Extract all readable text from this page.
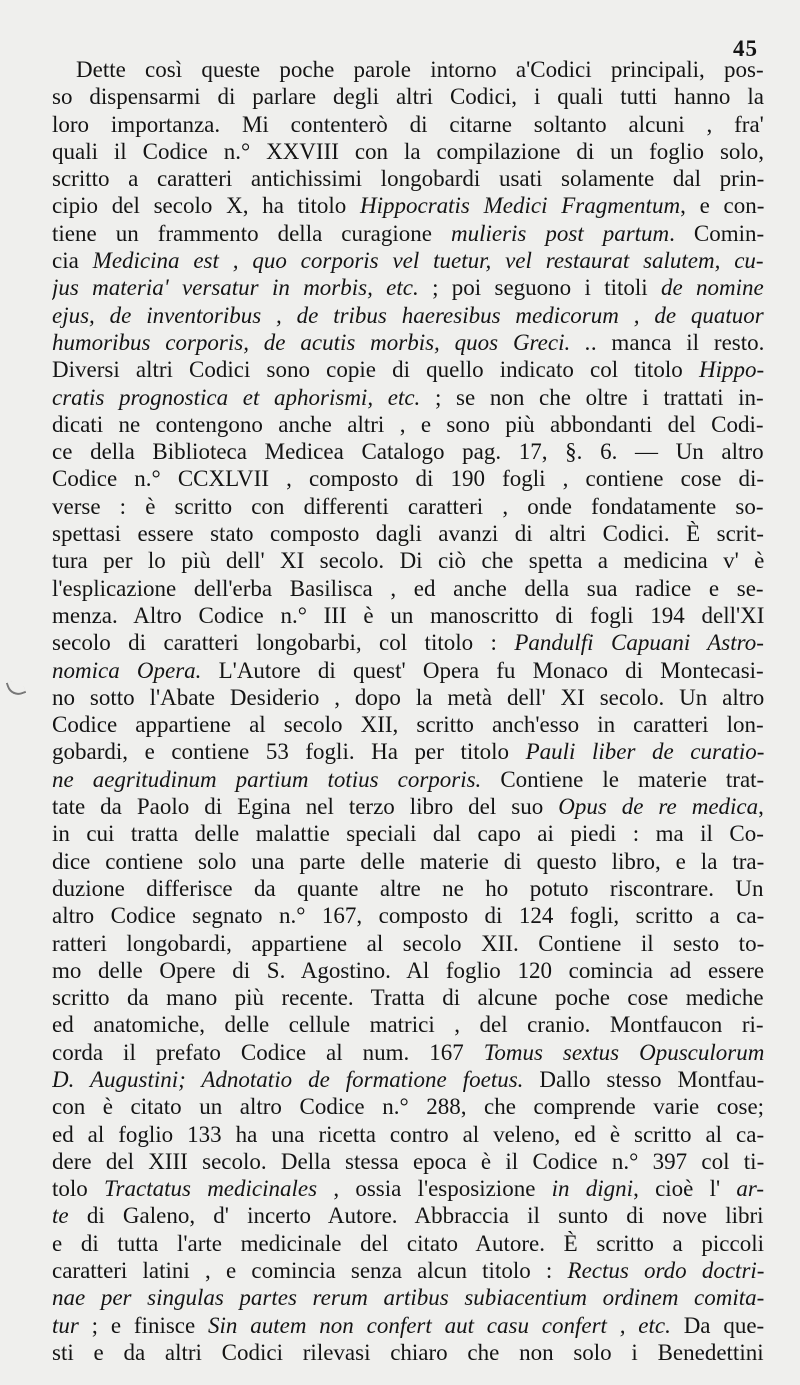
45
Dette così queste poche parole intorno a'Codici principali, pos-
so dispensarmi di parlare degli altri Codici, i quali tutti hanno la
loro importanza. Mi contenterò di citarne soltanto alcuni , fra'
quali il Codice n.° XXVIII con la compilazione di un foglio solo,
scritto a caratteri antichissimi longobardi usati solamente dal prin-
cipio del secolo X, ha titolo Hippocratis Medici Fragmentum, e con-
tiene un frammento della curagione mulieris post partum. Comin-
cia Medicina est , quo corporis vel tuetur, vel restaurat salutem, cu-
jus materia' versatur in morbis, etc. ; poi seguono i titoli de nomine
ejus, de inventoribus , de tribus haeresibus medicorum , de quatuor
humoribus corporis, de acutis morbis, quos Greci. .. manca il resto.
Diversi altri Codici sono copie di quello indicato col titolo Hippo-
cratis prognostica et aphorismi, etc. ; se non che oltre i trattati in-
dicati ne contengono anche altri , e sono più abbondanti del Codi-
ce della Biblioteca Medicea Catalogo pag. 17, §. 6. — Un altro
Codice n.° CCXLVII , composto di 190 fogli , contiene cose di-
verse : è scritto con differenti caratteri , onde fondatamente so-
spettasi essere stato composto dagli avanzi di altri Codici. È scrit-
tura per lo più dell' XI secolo. Di ciò che spetta a medicina v' è
l'esplicazione dell'erba Basilisca , ed anche della sua radice e se-
menza. Altro Codice n.° III è un manoscritto di fogli 194 dell'XI
secolo di caratteri longobarbi, col titolo : Pandulfi Capuani Astro-
nomica Opera. L'Autore di quest' Opera fu Monaco di Montecasi-
no sotto l'Abate Desiderio , dopo la metà dell' XI secolo. Un altro
Codice appartiene al secolo XII, scritto anch'esso in caratteri lon-
gobardi, e contiene 53 fogli. Ha per titolo Pauli liber de curatio-
ne aegritudinum partium totius corporis. Contiene le materie trat-
tate da Paolo di Egina nel terzo libro del suo Opus de re medica,
in cui tratta delle malattie speciali dal capo ai piedi : ma il Co-
dice contiene solo una parte delle materie di questo libro, e la tra-
duzione differisce da quante altre ne ho potuto riscontrare. Un
altro Codice segnato n.° 167, composto di 124 fogli, scritto a ca-
ratteri longobardi, appartiene al secolo XII. Contiene il sesto to-
mo delle Opere di S. Agostino. Al foglio 120 comincia ad essere
scritto da mano più recente. Tratta di alcune poche cose mediche
ed anatomiche, delle cellule matrici , del cranio. Montfaucon ri-
corda il prefato Codice al num. 167 Tomus sextus Opusculorum
D. Augustini; Adnotatio de formatione foetus. Dallo stesso Montfau-
con è citato un altro Codice n.° 288, che comprende varie cose;
ed al foglio 133 ha una ricetta contro al veleno, ed è scritto al ca-
dere del XIII secolo. Della stessa epoca è il Codice n.° 397 col ti-
tolo Tractatus medicinales , ossia l'esposizione in digni, cioè l' ar-
te di Galeno, d' incerto Autore. Abbraccia il sunto di nove libri
e di tutta l'arte medicinale del citato Autore. È scritto a piccoli
caratteri latini , e comincia senza alcun titolo : Rectus ordo doctri-
nae per singulas partes rerum artibus subiacentium ordinem comita-
tur ; e finisce Sin autem non confert aut casu confert , etc. Da que-
sti e da altri Codici rilevasi chiaro che non solo i Benedettini
